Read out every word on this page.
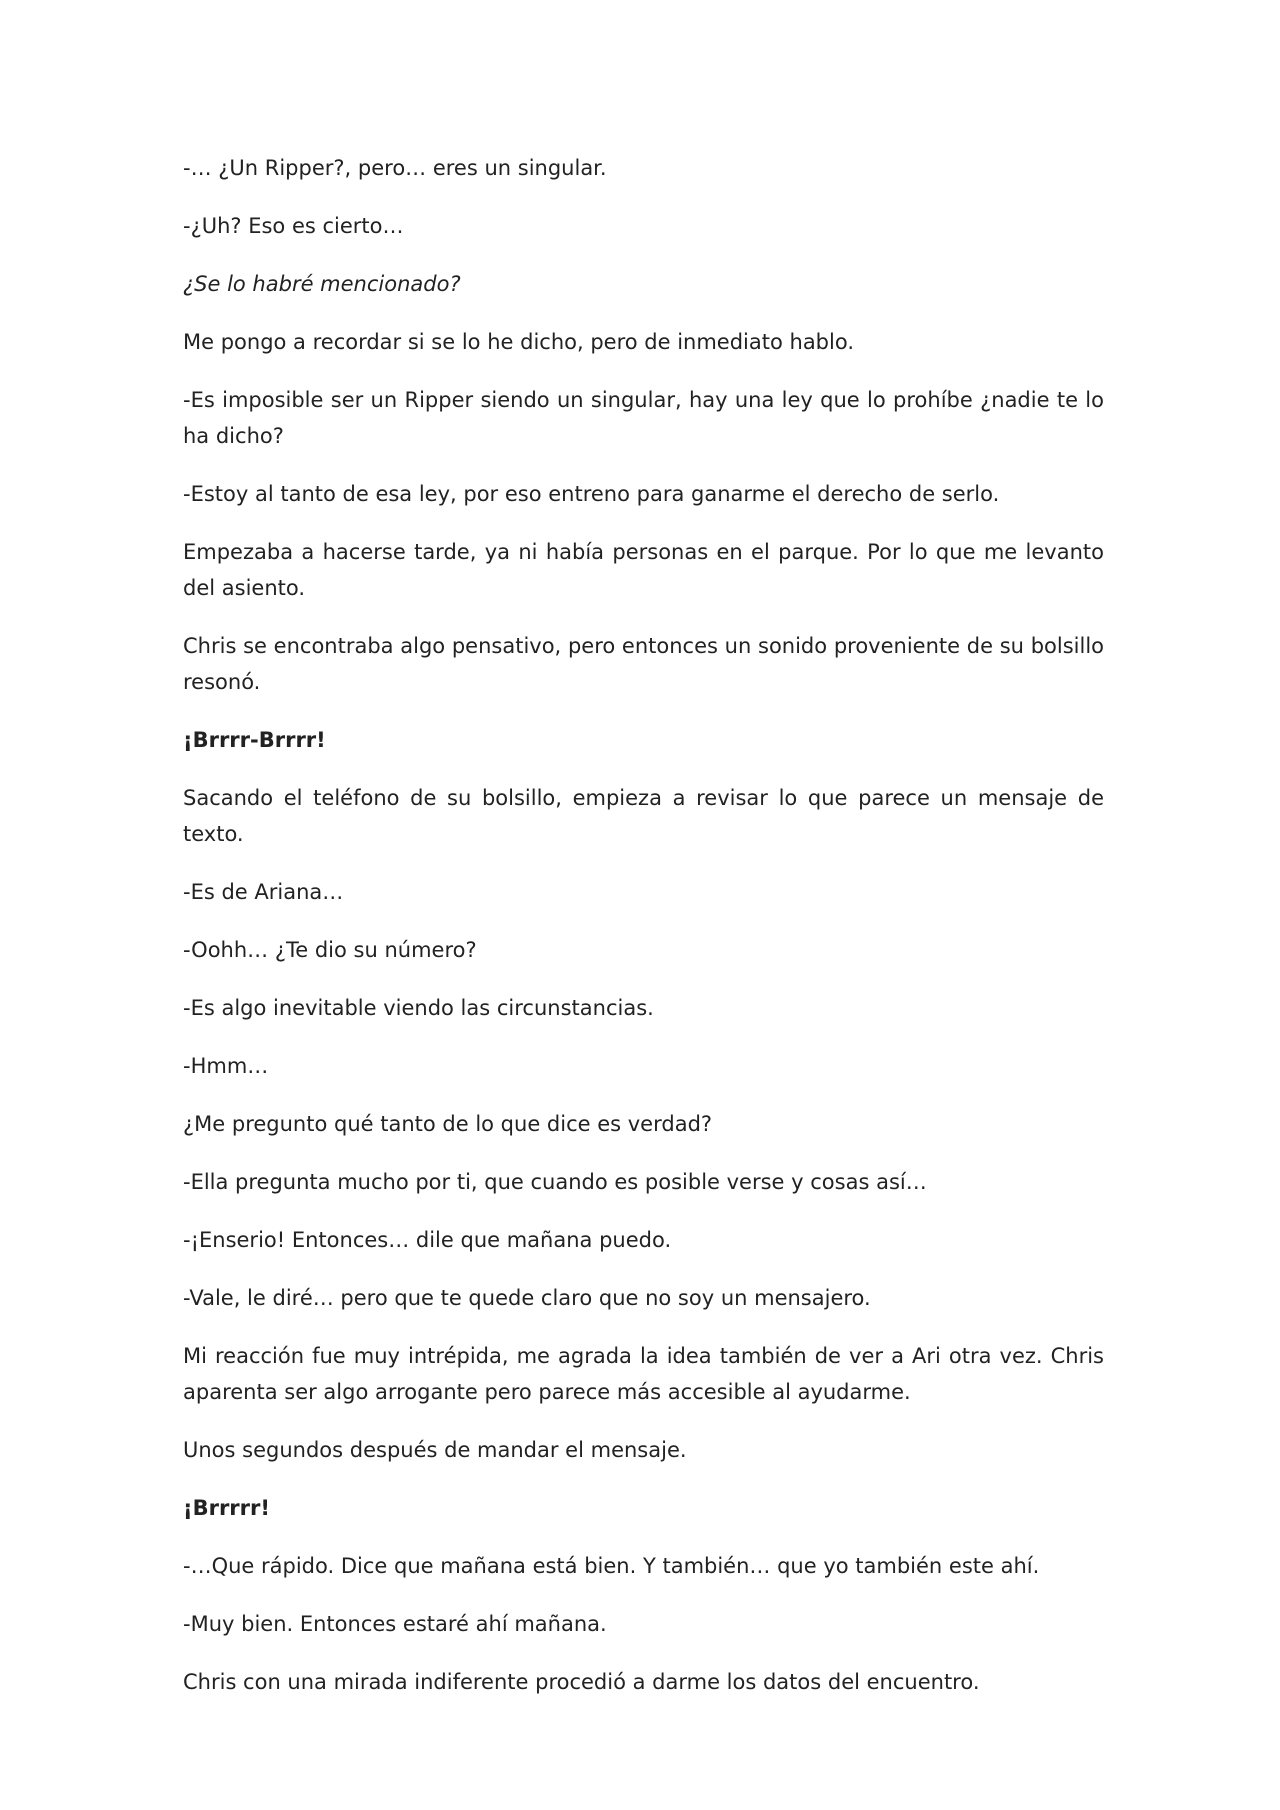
-… ¿Un Ripper?, pero… eres un singular.

-¿Uh? Eso es cierto…

¿Se lo habré mencionado?

Me pongo a recordar si se lo he dicho, pero de inmediato hablo.

-Es imposible ser un Ripper siendo un singular, hay una ley que lo prohíbe ¿nadie te lo ha dicho?

-Estoy al tanto de esa ley, por eso entreno para ganarme el derecho de serlo.

Empezaba a hacerse tarde, ya ni había personas en el parque. Por lo que me levanto del asiento.

Chris se encontraba algo pensativo, pero entonces un sonido proveniente de su bolsillo resonó.

¡Brrrr-Brrrr!

Sacando el teléfono de su bolsillo, empieza a revisar lo que parece un mensaje de texto.

-Es de Ariana…

-Oohh… ¿Te dio su número?

-Es algo inevitable viendo las circunstancias.

-Hmm…

¿Me pregunto qué tanto de lo que dice es verdad?

-Ella pregunta mucho por ti, que cuando es posible verse y cosas así…

-¡Enserio! Entonces… dile que mañana puedo.

-Vale, le diré… pero que te quede claro que no soy un mensajero.

Mi reacción fue muy intrépida, me agrada la idea también de ver a Ari otra vez. Chris aparenta ser algo arrogante pero parece más accesible al ayudarme.

Unos segundos después de mandar el mensaje.

¡Brrrrr!

-…Que rápido. Dice que mañana está bien. Y también… que yo también este ahí.

-Muy bien. Entonces estaré ahí mañana.

Chris con una mirada indiferente procedió a darme los datos del encuentro.
